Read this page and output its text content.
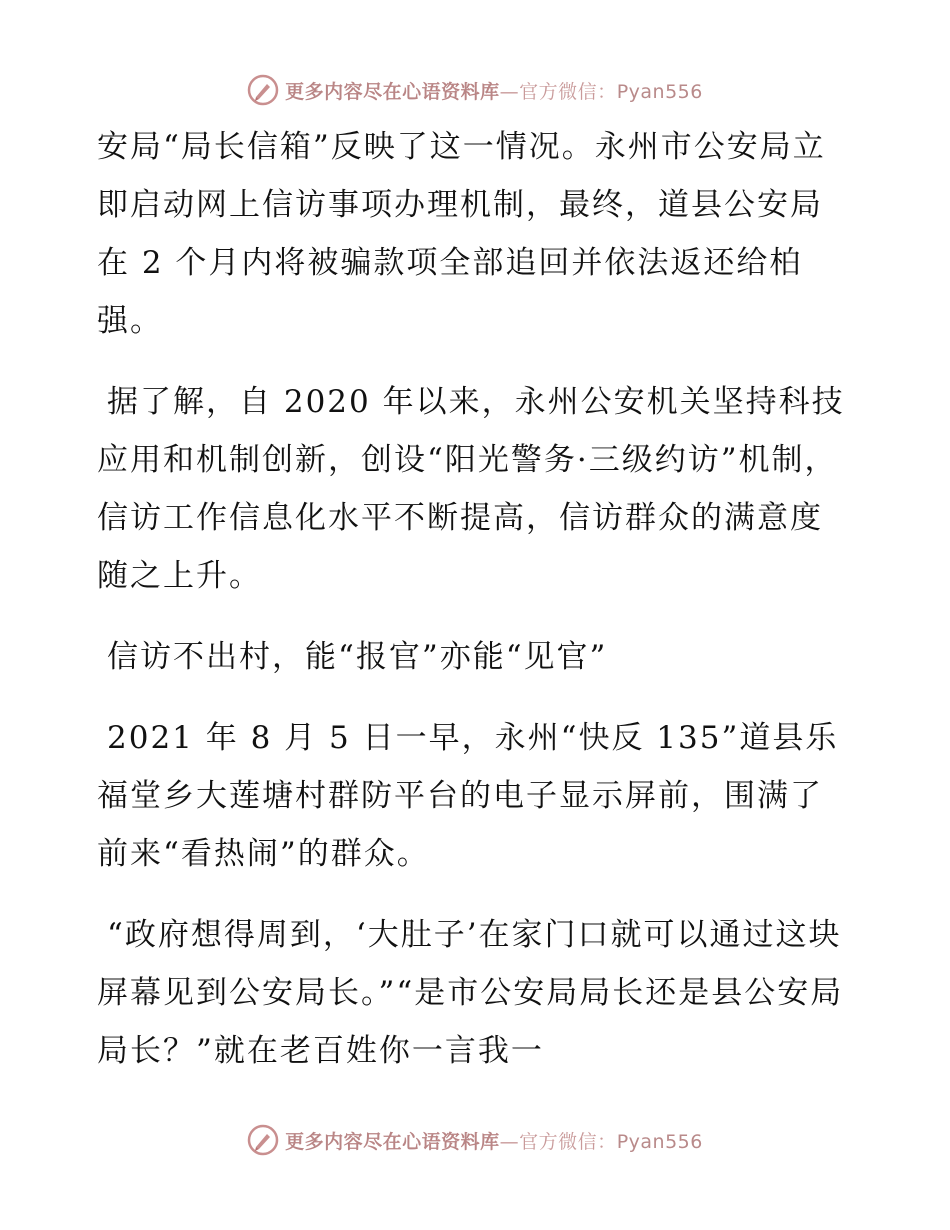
更多内容尽在心语资料库—官方微信：Pyan556

安局“局长信箱”反映了这一情况。永州市公安局立即启动网上信访事项办理机制，最终，道县公安局在 2 个月内将被骗款项全部追回并依法返还给柏强。

据了解，自 2020 年以来，永州公安机关坚持科技应用和机制创新，创设“阳光警务·三级约访”机制，信访工作信息化水平不断提高，信访群众的满意度随之上升。

信访不出村，能“报官”亦能“见官”

2021 年 8 月 5 日一早，永州“快反 135”道县乐福堂乡大莲塘村群防平台的电子显示屏前，围满了前来“看热闹”的群众。

“政府想得周到，‘大肚子’在家门口就可以通过这块屏幕见到公安局长。”“是市公安局局长还是县公安局局长？”就在老百姓你一言我一

更多内容尽在心语资料库—官方微信：Pyan556
